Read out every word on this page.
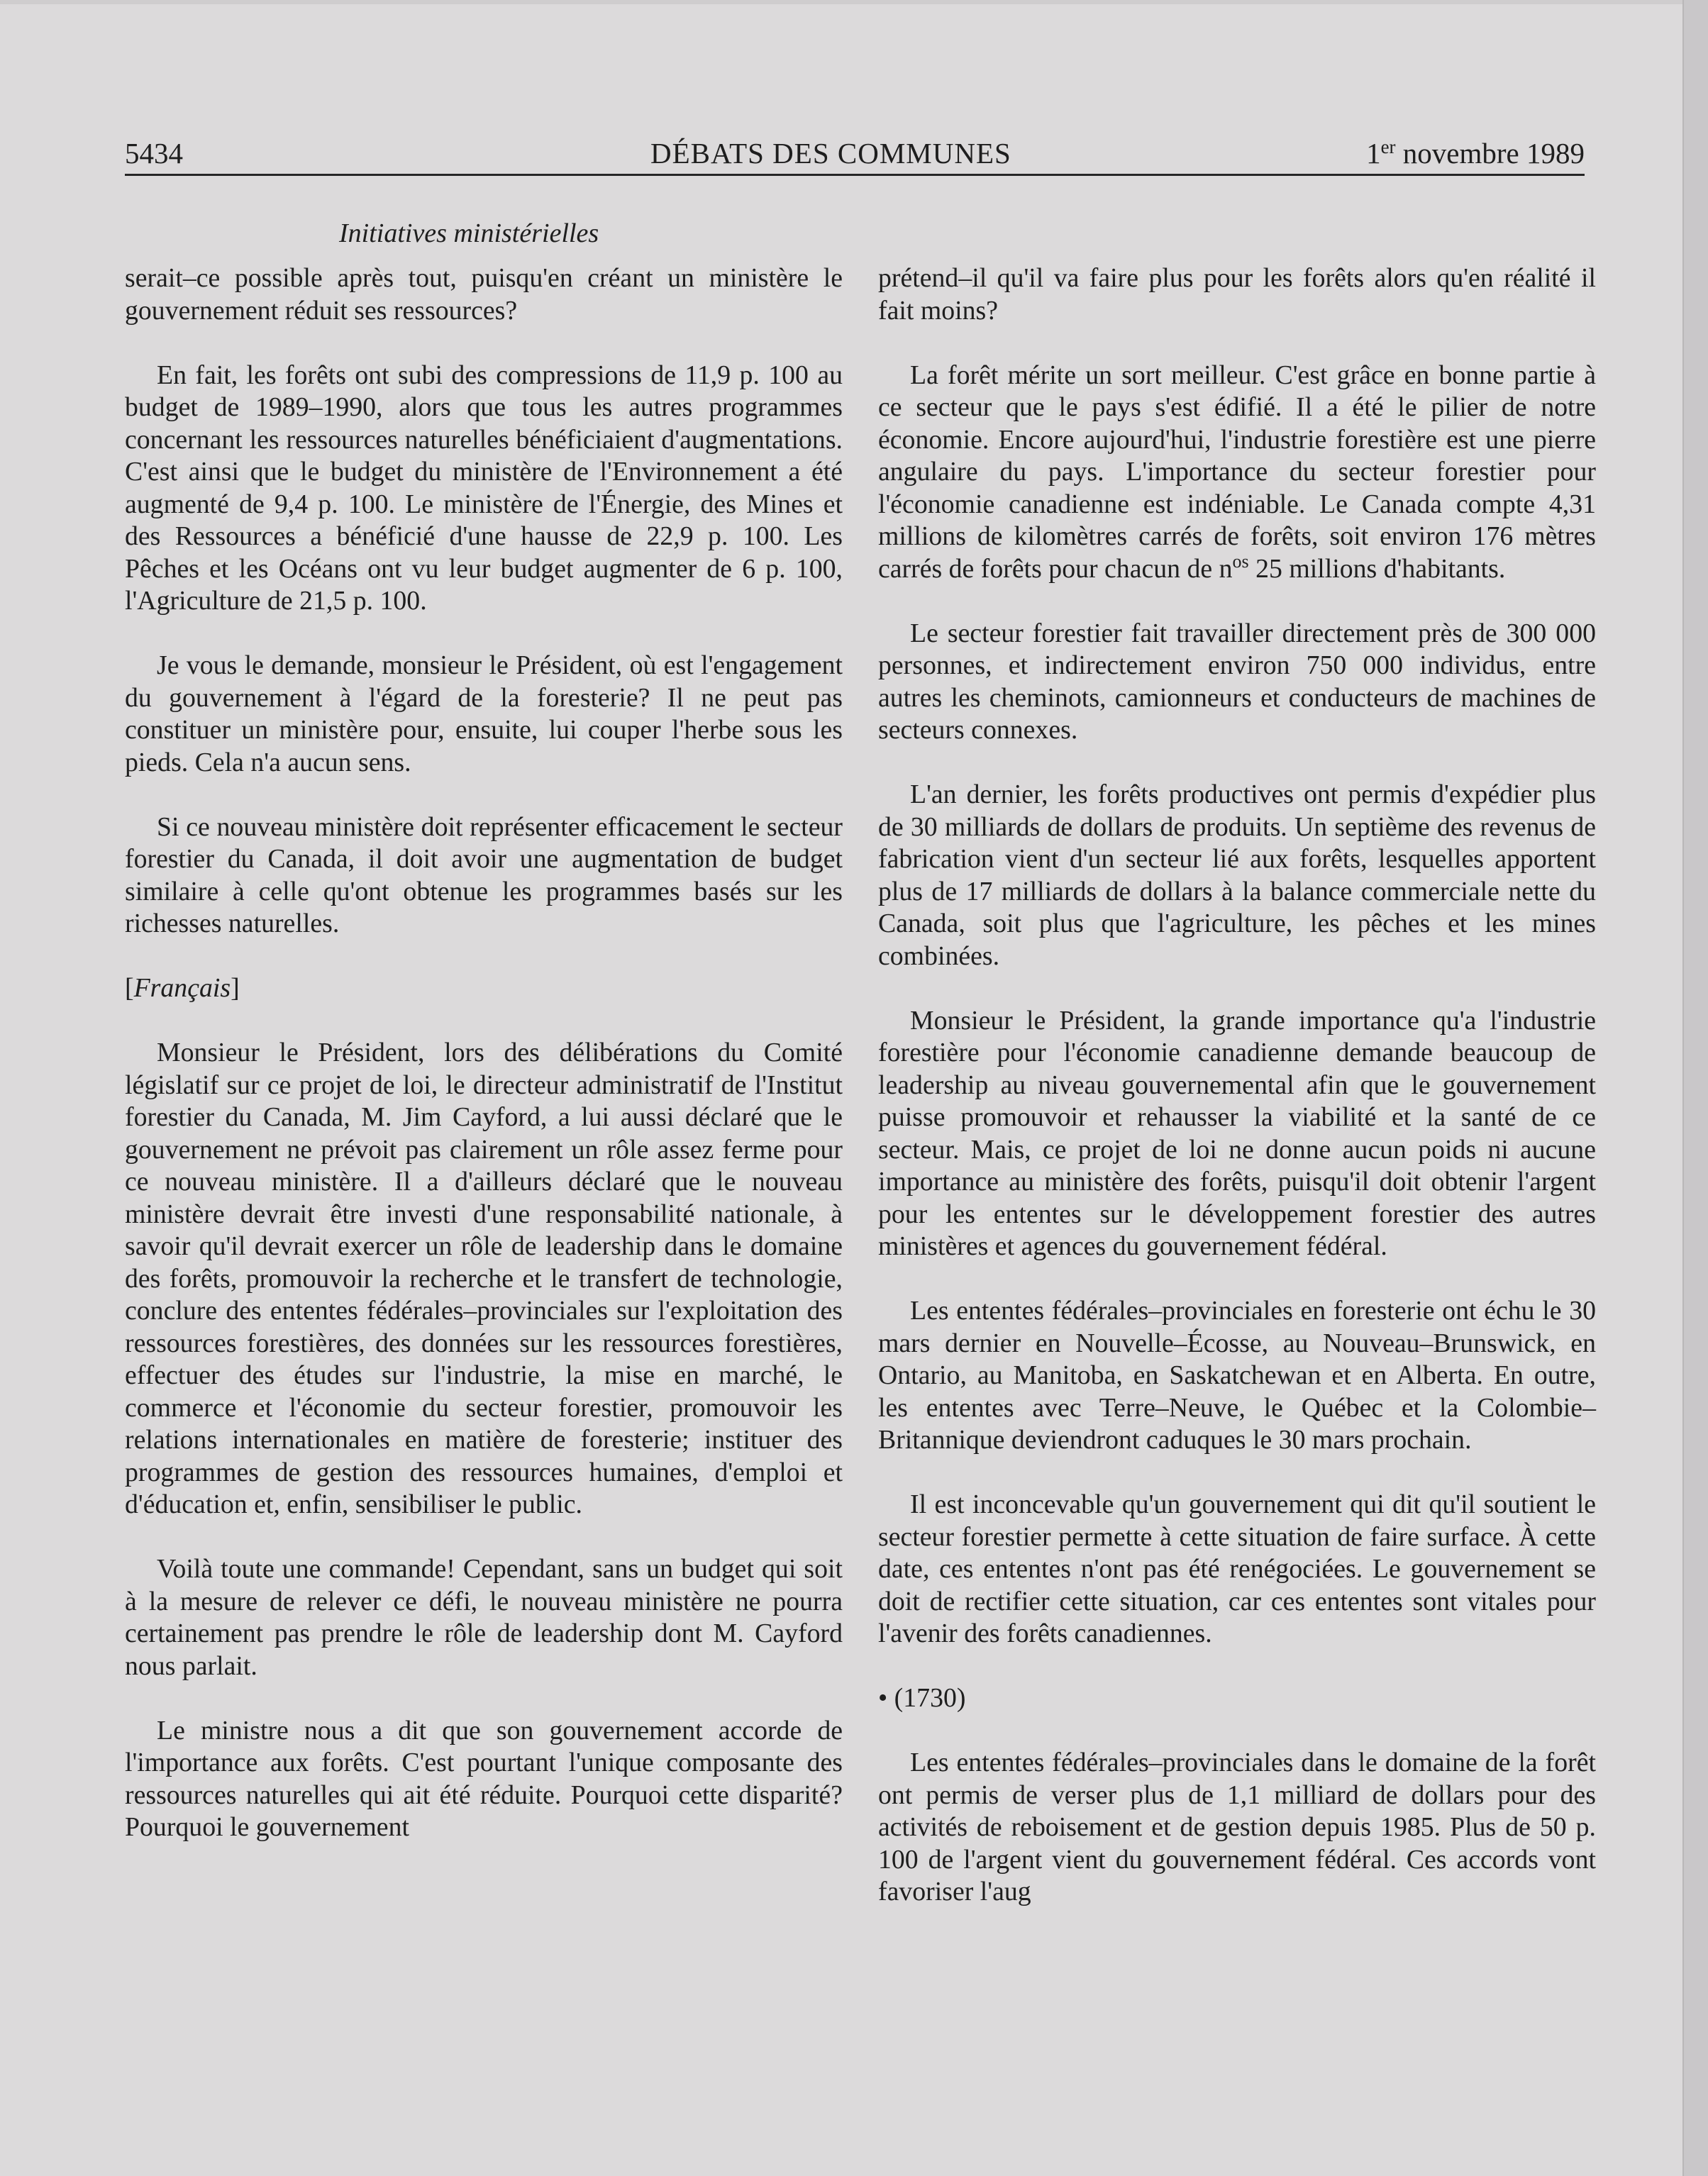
5434	DÉBATS DES COMMUNES	1er novembre 1989
Initiatives ministérielles

serait–ce possible après tout, puisqu'en créant un ministère le gouvernement réduit ses ressources?

En fait, les forêts ont subi des compressions de 11,9 p. 100 au budget de 1989–1990, alors que tous les autres programmes concernant les ressources naturelles bénéficiaient d'augmentations. C'est ainsi que le budget du ministère de l'Environnement a été augmenté de 9,4 p. 100. Le ministère de l'Énergie, des Mines et des Ressources a bénéficié d'une hausse de 22,9 p. 100. Les Pêches et les Océans ont vu leur budget augmenter de 6 p. 100, l'Agriculture de 21,5 p. 100.

Je vous le demande, monsieur le Président, où est l'engagement du gouvernement à l'égard de la foresterie? Il ne peut pas constituer un ministère pour, ensuite, lui couper l'herbe sous les pieds. Cela n'a aucun sens.

Si ce nouveau ministère doit représenter efficacement le secteur forestier du Canada, il doit avoir une augmentation de budget similaire à celle qu'ont obtenue les programmes basés sur les richesses naturelles.

[Français]

Monsieur le Président, lors des délibérations du Comité législatif sur ce projet de loi, le directeur administratif de l'Institut forestier du Canada, M. Jim Cayford, a lui aussi déclaré que le gouvernement ne prévoit pas clairement un rôle assez ferme pour ce nouveau ministère. Il a d'ailleurs déclaré que le nouveau ministère devrait être investi d'une responsabilité nationale, à savoir qu'il devrait exercer un rôle de leadership dans le domaine des forêts, promouvoir la recherche et le transfert de technologie, conclure des ententes fédérales–provinciales sur l'exploitation des ressources forestières, des données sur les ressources forestières, effectuer des études sur l'industrie, la mise en marché, le commerce et l'économie du secteur forestier, promouvoir les relations internationales en matière de foresterie; instituer des programmes de gestion des ressources humaines, d'emploi et d'éducation et, enfin, sensibiliser le public.

Voilà toute une commande! Cependant, sans un budget qui soit à la mesure de relever ce défi, le nouveau ministère ne pourra certainement pas prendre le rôle de leadership dont M. Cayford nous parlait.

Le ministre nous a dit que son gouvernement accorde de l'importance aux forêts. C'est pourtant l'unique composante des ressources naturelles qui ait été réduite. Pourquoi cette disparité? Pourquoi le gouvernement

prétend–il qu'il va faire plus pour les forêts alors qu'en réalité il fait moins?

La forêt mérite un sort meilleur. C'est grâce en bonne partie à ce secteur que le pays s'est édifié. Il a été le pilier de notre économie. Encore aujourd'hui, l'industrie forestière est une pierre angulaire du pays. L'importance du secteur forestier pour l'économie canadienne est indéniable. Le Canada compte 4,31 millions de kilomètres carrés de forêts, soit environ 176 mètres carrés de forêts pour chacun de $n^{os}$ 25 millions d'habitants.

Le secteur forestier fait travailler directement près de 300 000 personnes, et indirectement environ 750 000 individus, entre autres les cheminots, camionneurs et conducteurs de machines de secteurs connexes.

L'an dernier, les forêts productives ont permis d'expédier plus de 30 milliards de dollars de produits. Un septième des revenus de fabrication vient d'un secteur lié aux forêts, lesquelles apportent plus de 17 milliards de dollars à la balance commerciale nette du Canada, soit plus que l'agriculture, les pêches et les mines combinées.

Monsieur le Président, la grande importance qu'a l'industrie forestière pour l'économie canadienne demande beaucoup de leadership au niveau gouvernemental afin que le gouvernement puisse promouvoir et rehausser la viabilité et la santé de ce secteur. Mais, ce projet de loi ne donne aucun poids ni aucune importance au ministère des forêts, puisqu'il doit obtenir l'argent pour les ententes sur le développement forestier des autres ministères et agences du gouvernement fédéral.

Les ententes fédérales–provinciales en foresterie ont échu le 30 mars dernier en Nouvelle–Écosse, au Nouveau–Brunswick, en Ontario, au Manitoba, en Saskatchewan et en Alberta. En outre, les ententes avec Terre–Neuve, le Québec et la Colombie–Britannique deviendront caduques le 30 mars prochain.

Il est inconcevable qu'un gouvernement qui dit qu'il soutient le secteur forestier permette à cette situation de faire surface. À cette date, ces ententes n'ont pas été renégociées. Le gouvernement se doit de rectifier cette situation, car ces ententes sont vitales pour l'avenir des forêts canadiennes.

• (1730)

Les ententes fédérales–provinciales dans le domaine de la forêt ont permis de verser plus de 1,1 milliard de dollars pour des activités de reboisement et de gestion depuis 1985. Plus de 50 p. 100 de l'argent vient du gouvernement fédéral. Ces accords vont favoriser l'aug
